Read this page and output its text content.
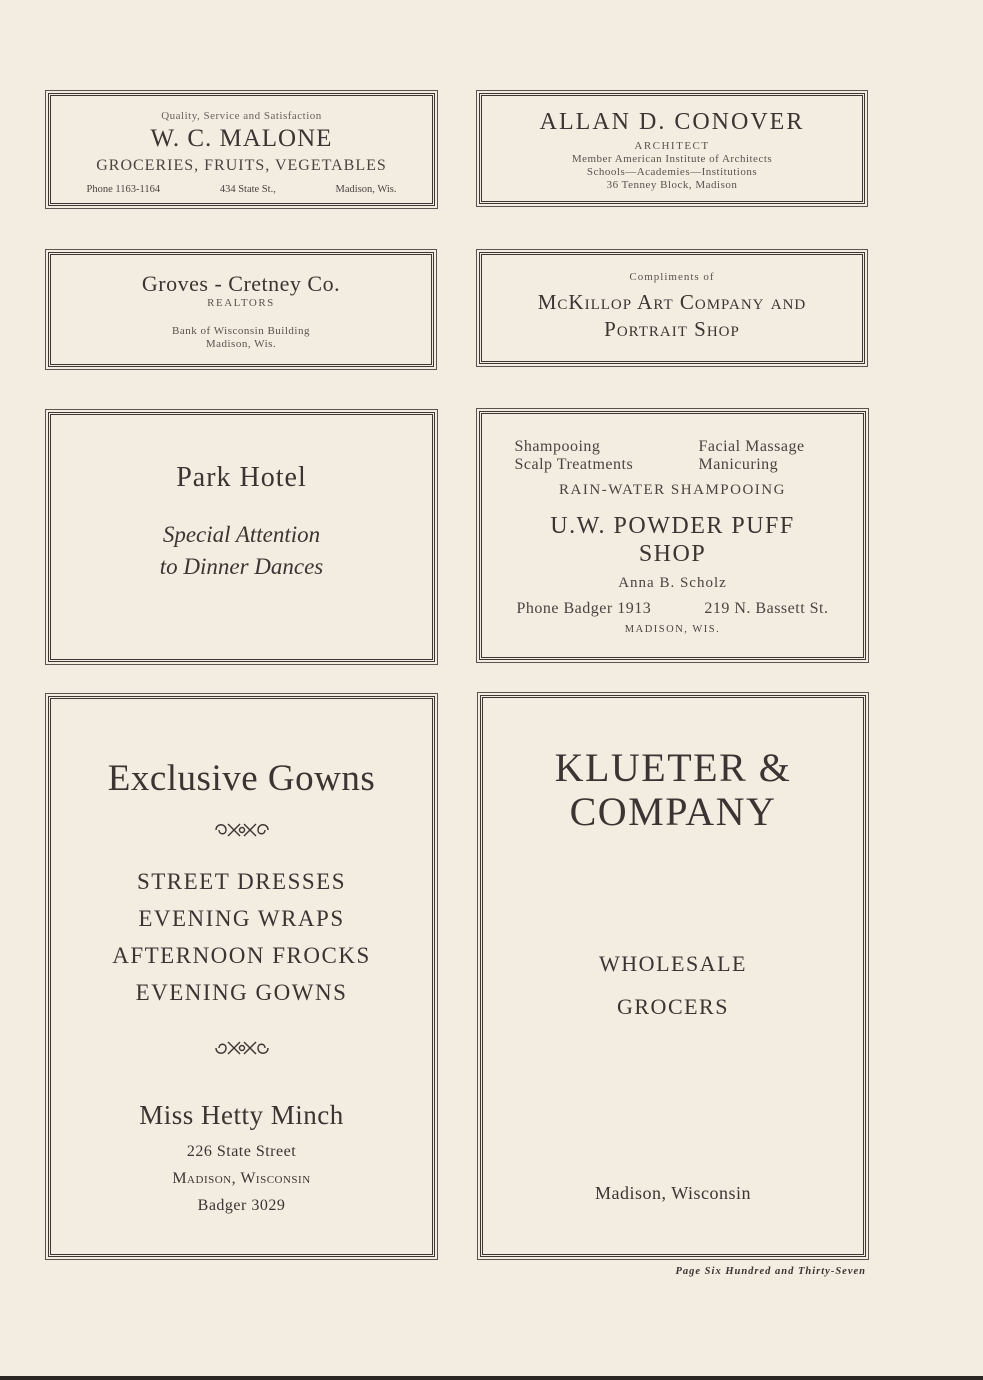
Quality, Service and Satisfaction
W. C. MALONE
GROCERIES, FRUITS, VEGETABLES
Phone 1163-1164	434 State St.,	Madison, Wis.
ALLAN D. CONOVER
ARCHITECT
Member American Institute of Architects
Schools—Academies—Institutions
36 Tenney Block, Madison
Groves - Cretney Co.
REALTORS
Bank of Wisconsin Building
Madison, Wis.
Compliments of
McKillop Art Company and
Portrait Shop
Park Hotel
Special Attention
to Dinner Dances
Shampooing	Facial Massage
Scalp Treatments	Manicuring
RAIN-WATER SHAMPOOING
U.W. POWDER PUFF
SHOP
Anna B. Scholz
Phone Badger 1913	219 N. Bassett St.
MADISON, WIS.
Exclusive Gowns
STREET DRESSES
EVENING WRAPS
AFTERNOON FROCKS
EVENING GOWNS
Miss Hetty Minch
226 State Street
Madison, Wisconsin
Badger 3029
KLUETER &
COMPANY
WHOLESALE
GROCERS
Madison, Wisconsin
Page Six Hundred and Thirty-Seven
